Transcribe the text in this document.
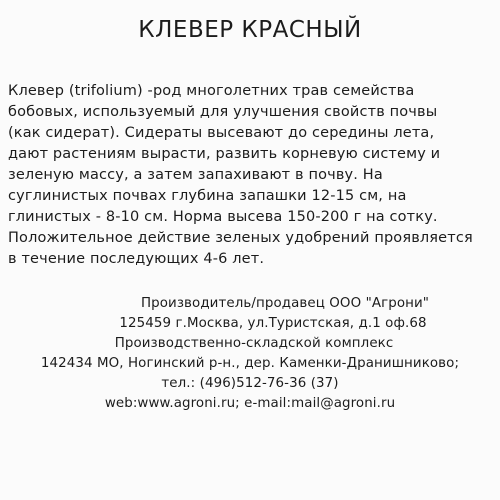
КЛЕВЕР КРАСНЫЙ
Клевер (trifolium) -род многолетних трав семейства
бобовых, используемый для улучшения свойств почвы
(как сидерат). Сидераты высевают до середины лета,
дают растениям вырасти, развить корневую систему и
зеленую массу, а затем запахивают в почву. На
суглинистых почвах глубина запашки 12-15 см, на
глинистых - 8-10 см. Норма высева 150-200 г на сотку.
Положительное действие зеленых удобрений проявляется
в течение последующих 4-6 лет.
Производитель/продавец ООО "Агрони"
125459 г.Москва, ул.Туристская, д.1 оф.68
Производственно-складской комплекс
142434 МО, Ногинский р-н., дер. Каменки-Дранишниково;
тел.: (496)512-76-36 (37)
web:www.agroni.ru; e-mail:mail@agroni.ru
